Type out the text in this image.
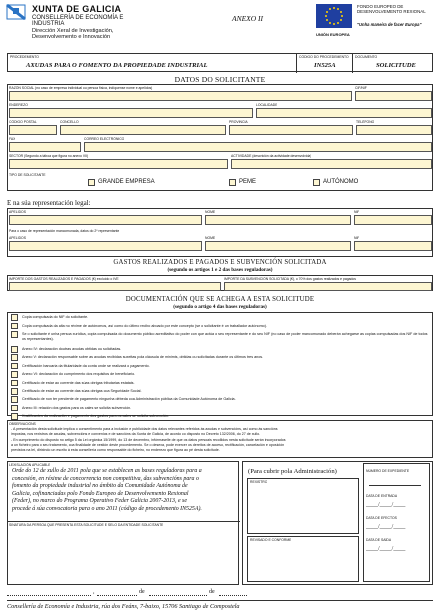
XUNTA DE GALICIA
CONSELLERÍA DE ECONOMÍA E INDUSTRIA
Dirección Xeral de Investigación, Desenvolvemento e Innovación
ANEXO II
UNIÓN EUROPEA
FONDO EUROPEO DE DESENVOLVEMENTO REXIONAL
"Unha maneira de facer Europa"
PROCEDEMENTO
AXUDAS PARA O FOMENTO DA PROPIEDADE INDUSTRIAL
CÓDIGO DO PROCEDEMENTO
IN525A
DOCUMENTO
SOLICITUDE
DATOS DO SOLICITANTE
RAZÓN SOCIAL (no caso de empresa individual ou persoa física, indíquense nome e apelidos)	CIF/NIF
ENDEREZO	LOCALIDADE
CÓDIGO POSTAL	CONCELLO	PROVINCIA	TELÉFONO
FAX	CORREO ELECTRÓNICO
SECTOR (Segundo a táboa que figura no anexo VII)	ACTIVIDADE (descrición da actividade desenvolvida)
TIPO DE SOLICITANTE
GRANDE EMPRESA	PEME	AUTÓNOMO
E na súa representación legal:
APELIDOS	NOME	NIF
Para o caso de representación mancomunada, datos do 2º representante
APELIDOS	NOME	NIF
GASTOS REALIZADOS E PAGADOS E SUBVENCIÓN SOLICITADA
(segundo os artigos 1 e 2 das bases reguladoras)
IMPORTE DOS GASTOS REALIZADOS E PAGADOS (€) excluído o IVE	IMPORTE DA SUBVENCIÓN SOLICITADA (€), o 70% dos gastos realizados e pagados
DOCUMENTACIÓN QUE SE ACHEGA A ESTA SOLICITUDE
(segundo o artigo 4 das bases reguladoras)
Copia compulsada do NIF do solicitante.
Copia compulsada da alta no réxime de autónomos, así como do último recibo aboado por este concepto (se o solicitante é un traballador autónomo).
Se o solicitante é unha persoa xurídica, copia compulsada do documento público acreditativo do poder con que actúa o seu representante e do seu NIF (no caso de poder mancomunado deberán achegarse as copias compulsadas dos NIF de todos os representantes).
Anexo IV: declaración doutras axudas obtidas ou solicitadas.
Anexo V: declaración responsable sobre as axudas recibidas suxeitas pola cláusula de minimis, obtidas ou solicitadas durante os últimos tres anos.
Certificación bancaria da titularidade da conta onde se realizará o pagamento.
Anexo VI: declaración do cumprimento dos requisitos de beneficiario.
Certificado de estar ao corrente das súas obrigas tributarias estatais.
Certificado de estar ao corrente das súas obrigas coa Seguridade Social.
Certificado de non ter pendente de pagamento ningunha débeda coa Administración pública da Comunidade Autónoma de Galicia.
Anexo III: relación dos gastos para os cales se solicita subvención.
Xustificantes da realización e pagamento dos gastos para os cales se solicita subvención.
OBSERVACIÓNS
- A presentación desta solicitude implica o consentimento para a inclusión e publicidade dos datos relevantes referidos ás axudas e subvencións, así como ás sancións
impostas, nos rexistros de axudas, subvencións e convenios e de sancións da Xunta de Galicia, de acordo co disposto no Decreto 132/2006, do 27 de xullo.
- En cumprimento do disposto no artigo 5 da Lei orgánica 15/1999, do 13 de decembro, infórmaselle de que os datos persoais recollidos nesta solicitude serán incorporados
a un ficheiro para o seu tratamento, coa finalidade de xestión deste procedemento. Se o desexa, pode exercer os dereitos de acceso, rectificación, cancelación e oposición
previstos na lei, dirixindo un escrito á esta consellería como responsable do ficheiro, no enderezo que figura ao pé desta solicitude.
LEXISLACIÓN APLICABLE
Orde do 12 de xullo de 2011 pola que se establecen as bases reguladoras para a
concesión, en réxime de concorrencia non competitiva, das subvencións para o
fomento da propiedade industrial no ámbito da Comunidade Autónoma de
Galicia, cofinanciadas polo Fondo Europeo de Desenvolvemento Rexional
(Feder), no marco do Programa Operativo Feder Galicia 2007-2013, e se
procede á súa convocatoria para o ano 2011 (código de procedemento IN525A).
SINATURA DA PERSOA QUE PRESENTA ESTA SOLICITUDE E SELO DA ENTIDADE SOLICITANTE
(Para cubrir pola Administración)
REXISTRO
REVISADO E CONFORME
NÚMERO DE EXPEDIENTE
DATA DE ENTRADA
____/____/____
DATA DE EFECTOS
____/____/____
DATA DE SAÍDA
____/____/____
,	de	de
Consellería de Economía e Industria, rúa dos Feáns, 7-baixo, 15706 Santiago de Compostela
